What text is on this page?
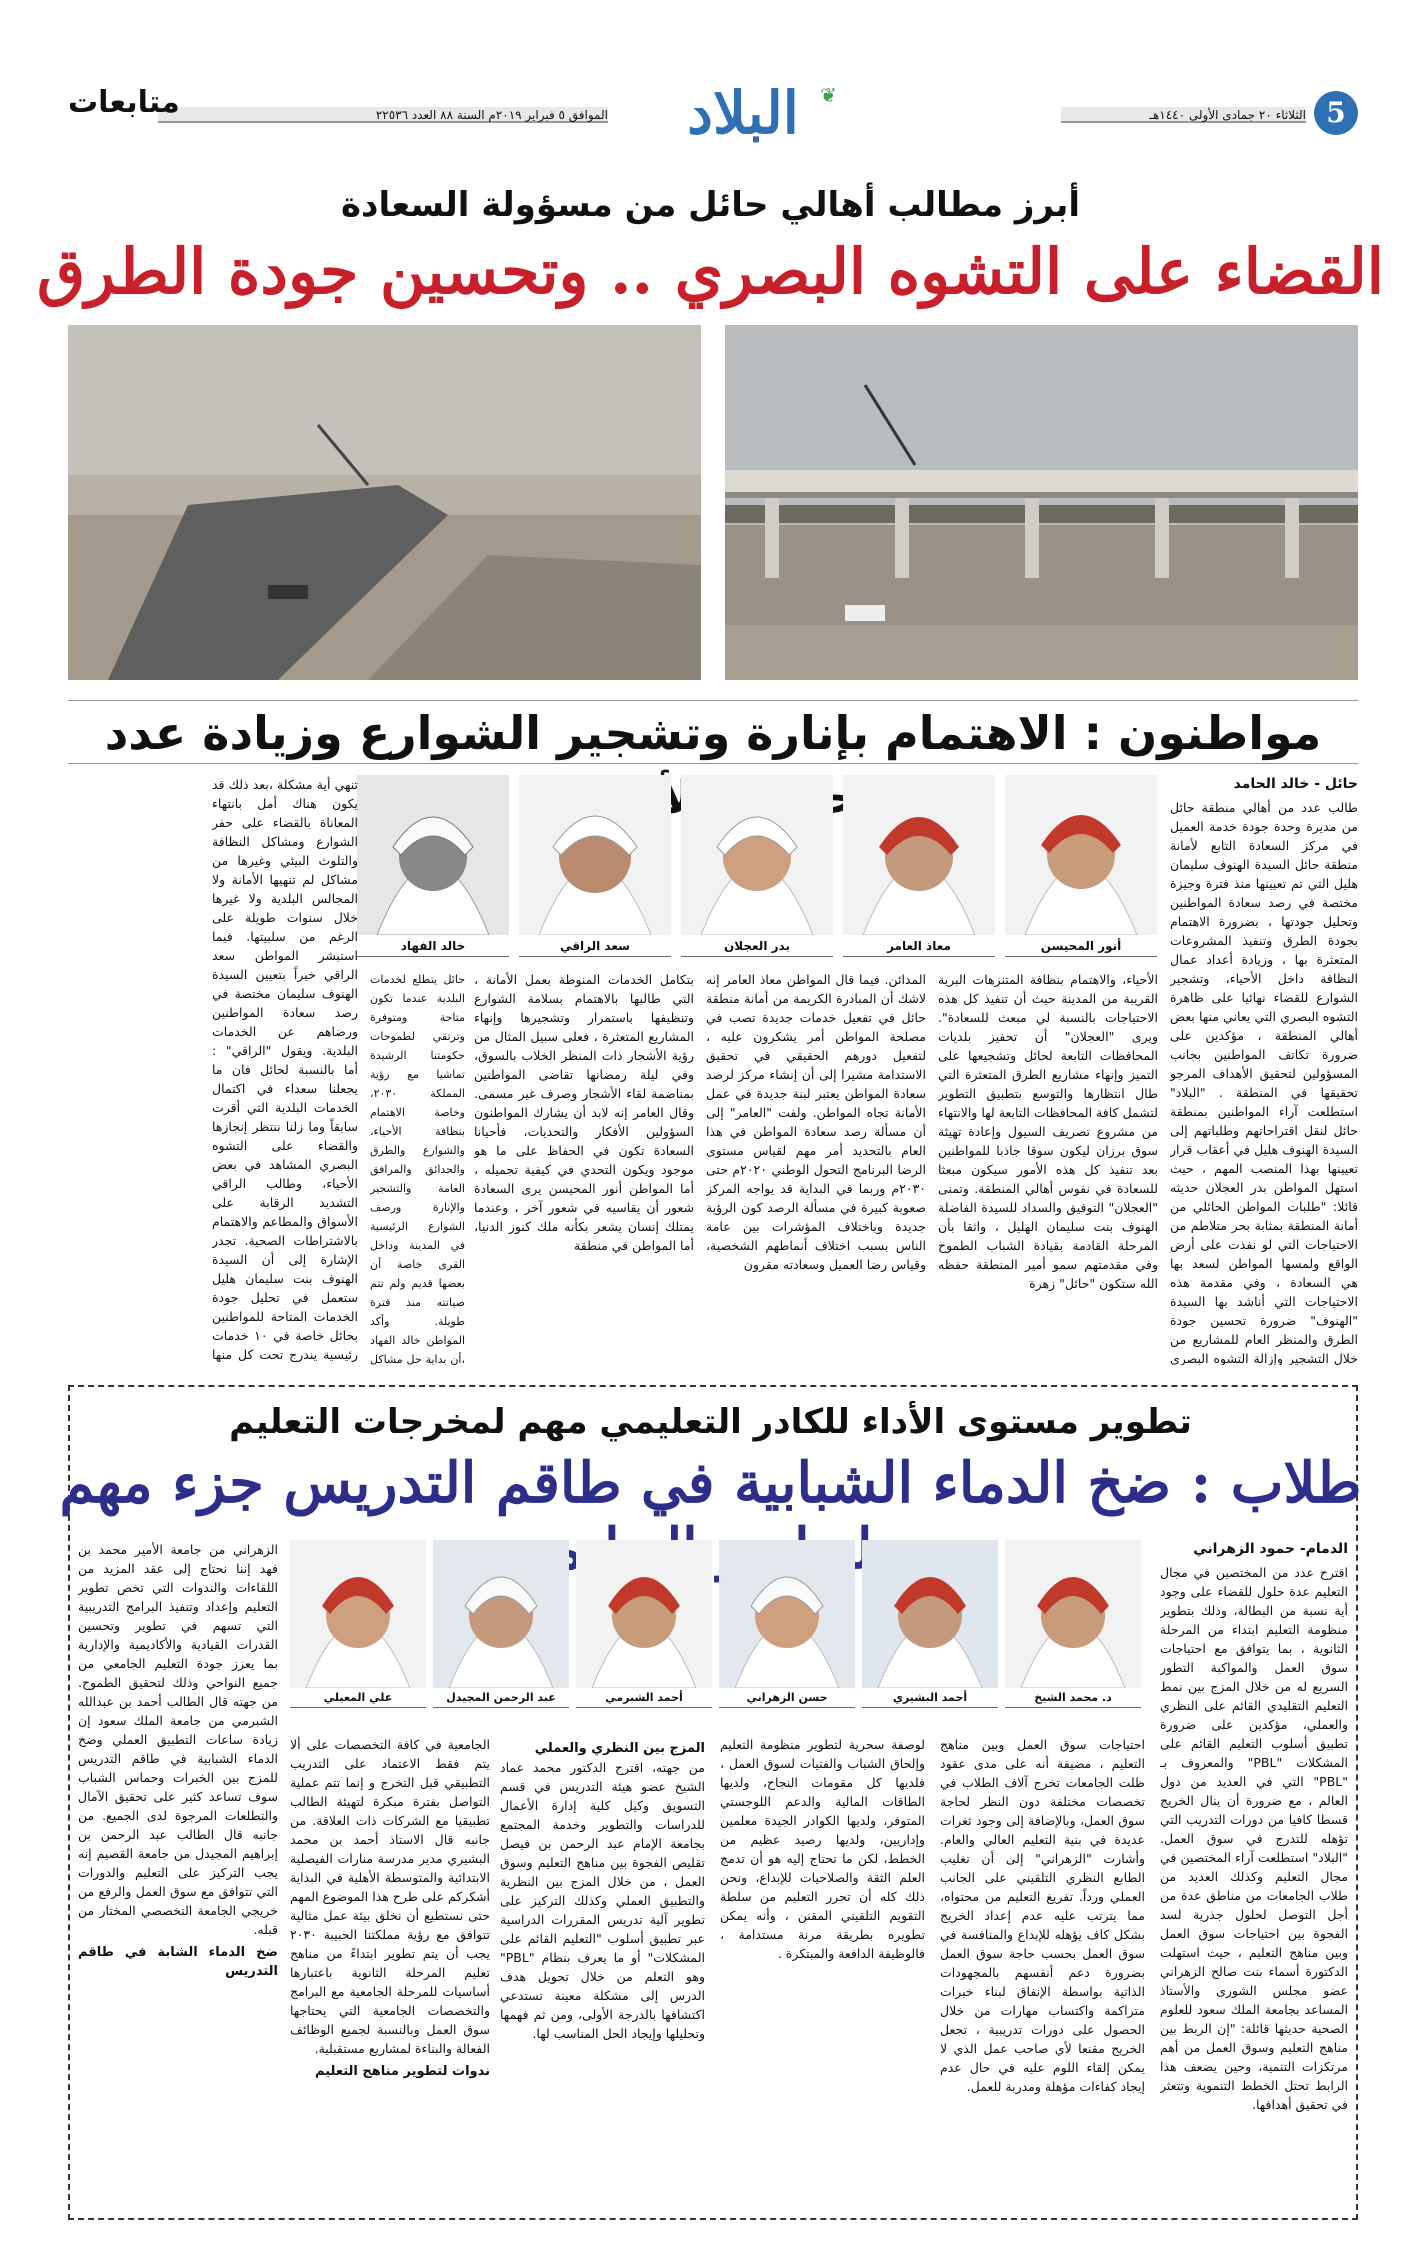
5
الثلاثاء ٢٠ جمادى الأولى ١٤٤٠هـ
البلاد	❦
الموافق ٥ فبراير ٢٠١٩م السنة ٨٨ العدد ٢٢٥٣٦
متابعات
أبرز مطالب أهالي حائل من مسؤولة السعادة
القضاء على التشوه البصري .. وتحسين جودة الطرق
مواطنون : الاهتمام بإنارة وتشجير الشوارع وزيادة عدد
حائل - خالد الحامد

طالب عدد من أهالي منطقة حائل من مديرة وحدة جودة خدمة العميل في مركز السعادة التابع لأمانة منطقة حائل السيدة الهنوف سليمان هليل التي تم تعيينها منذ فترة وجيزة مختصة في رصد سعادة المواطنين وتحليل جودتها ، بضرورة الاهتمام بجودة الطرق وتنفيذ المشروعات المتعثرة بها ، وزيادة أعداد عمال النظافة داخل الأحياء، وتشجير الشوارع للقضاء نهائيا على ظاهرة التشوه البصري التي يعاني منها بعض أهالي المنطقة ، مؤكدين على ضرورة تكاتف المواطنين بجانب المسؤولين لتحقيق الأهداف المرجو تحقيقها في المنطقة . "البلاد" استطلعت آراء المواطنين بمنطقة حائل لنقل اقتراحاتهم وطلباتهم إلى السيدة الهنوف هليل في أعقاب قرار تعيينها بهذا المنصب المهم ، حيث استهل المواطن بدر العجلان حديثه قائلا: "طلبات المواطن الحائلي من أمانة المنطقة بمثابة بحر متلاطم من الاحتياجات التي لو نفذت على أرض الواقع ولمسها المواطن لسعد بها هي السعادة ، وفي مقدمة هذه الاحتياجات التي أناشد بها السيدة "الهنوف" ضرورة تحسين جودة الطرق والمنظر العام للمشاريع من خلال التشجير وإزالة التشوه البصري

أنور المحيسن
معاذ العامر
بدر العجلان
سعد الراقي
خالد الفهاد

تنهي أية مشكلة ،بعد ذلك قد يكون هناك أمل بانتهاء المعاناة بالقضاء على حفر الشوارع ومشاكل النظافة والتلوث البيئي وغيرها من مشاكل لم تنهيها الأمانة ولا المجالس البلدية ولا غيرها خلال سنوات طويلة على الرغم من سلبيتها. فيما استبشر المواطن سعد الراقي خيراً بتعيين السيدة الهنوف سليمان مختصة في رصد سعادة المواطنين ورضاهم عن الخدمات البلدية. ويقول "الراقي" : أما بالنسبة لحائل فان ما يجعلنا سعداء في اكتمال الخدمات البلدية التي أقرت سابقاً وما زلنا ننتظر إنجازها والقضاء على التشوه البصري المشاهد في بعض الأحياء، وطالب الراقي التشديد الرقابة على الأسواق والمطاعم والاهتمام بالاشتراطات الصحية. تجدر الإشارة إلى أن السيدة الهنوف بنت سليمان هليل ستعمل في تحليل جودة الخدمات المتاحة للمواطنين بحائل خاصة في ١٠ خدمات رئيسية يندرج تحت كل منها

الأحياء، والاهتمام بنظافة المتنزهات البرية القريبة من المدينة حيث أن تنفيذ كل هذه الاحتياجات بالنسبة لي مبعث للسعادة". ويرى "العجلان" أن تحفيز بلديات المحافظات التابعة لحائل وتشجيعها على التميز وإنهاء مشاريع الطرق المتعثرة التي طال انتظارها والتوسع بتطبيق التطوير لتشمل كافة المحافظات التابعة لها والانتهاء من مشروع تصريف السيول وإعادة تهيئة سوق برزان ليكون سوقا جاذبا للمواطنين بعد تنفيذ كل هذه الأمور سيكون مبعثا للسعادة في نفوس أهالي المنطقة. وتمنى "العجلان" التوفيق والسداد للسيدة الفاضلة الهنوف بنت سليمان الهليل ، واثقا بأن المرحلة القادمة بقيادة الشباب الطموح وفي مقدمتهم سمو أمير المنطقة حفظه الله ستكون "حائل" زهرة

المدائن. فيما قال المواطن معاذ العامر إنه لاشك أن المبادرة الكريمة من أمانة منطقة حائل في تفعيل خدمات جديدة تصب في مصلحة المواطن أمر يشكرون عليه ، لتفعيل دورهم الحقيقي في تحقيق الاستدامة مشيرا إلى أن إنشاء مركز لرصد سعادة المواطن يعتبر لبنة جديدة في عمل الأمانة تجاه المواطن. ولفت "العامر" إلى أن مسألة رصد سعادة المواطن في هذا العام بالتحديد أمر مهم لقياس مستوى الرضا البرنامج التحول الوطني ٢٠٢٠م حتى ٢٠٣٠م وربما في البداية قد يواجه المركز صعوبة كبيرة في مسألة الرصد كون الرؤية جديدة وباختلاف المؤشرات بين عامة الناس بسبب اختلاف أنماطهم الشخصية، وقياس رضا العميل وسعادته مقرون

بتكامل الخدمات المنوطة بعمل الأمانة ، التي طالبها بالاهتمام بسلامة الشوارع وتنظيفها باستمرار وتشجيرها وإنهاء المشاريع المتعثرة ، فعلى سبيل المثال من رؤية الأشجار ذات المنظر الخلاب بالسوق، وفي ليلة رمضانها تقاضى المواطنين بمناضمة لقاء الأشجار وصرف غير مسمى. وقال العامر إنه لابد أن يشارك المواطنون السؤولين الأفكار والتحديات، فأحيانا السعادة تكون في الحفاظ على ما هو موجود ويكون التحدي في كيفية تجميله ، أما المواطن أنور المحيسن يرى السعادة شعور أن يقاسيه في شعور آخر ، وعندما يمتلك إنسان يشعر بكأنه ملك كنوز الدنيا، أما المواطن في منطقة

حائل يتطلع لخدمات البلدية عندما تكون متاحة ومتوفرة وترتقي لطموحات حكومتنا الرشيدة تماشيا مع رؤية المملكة ٢٠٣٠، وخاصة الاهتمام بنظافة الأحياء، والشوارع والطرق والحدائق والمرافق العامة والتشجير والإنارة ورصف الشوارع الرئيسية في المدينة وداخل القرى خاصة أن بعضها قديم ولم تتم صيانته منذ فترة طويلة. وأكد المواطن خالد الفهاد ،أن بداية حل مشاكل

تطوير مستوى الأداء للكادر التعليمي مهم لمخرجات التعليم
طلاب : ضخ الدماء الشبابية في طاقم التدريس جزء مهم
الدمام- حمود الزهراني

اقترح عدد من المختصين في مجال التعليم عدة حلول للقضاء على وجود أية نسبة من البطالة، وذلك بتطوير منظومة التعليم ابتداء من المرحلة الثانوية ، بما يتوافق مع احتياجات سوق العمل والمواكبة التطور السريع له من خلال المزج بين نمط التعليم التقليدي القائم على النظري والعملي، مؤكدين على ضرورة تطبيق أسلوب التعليم القائم على المشكلات "PBL" والمعروف بـ "PBL" التي في العديد من دول العالم ، مع ضرورة أن ينال الخريج قسطا كافيا من دورات التدريب التي تؤهله للتدرج في سوق العمل. "البلاد" استطلعت آراء المختصين في مجال التعليم وكذلك العديد من طلاب الجامعات من مناطق عدة من أجل التوصل لحلول جذرية لسد الفجوة بين احتياجات سوق العمل وبين مناهج التعليم ، حيث استهلت الدكتورة أسماء بنت صالح الزهراني عضو مجلس الشورى والأستاذ المساعد بجامعة الملك سعود للعلوم الصحية حديثها قائلة: "إن الربط بين مناهج التعليم وسوق العمل من أهم مرتكزات التنمية، وحين يضعف هذا الرابط تحتل الخطط التنموية وتتعثر في تحقيق أهدافها.

د. محمد الشيخ
أحمد البشيري
حسن الزهراني
أحمد الشبرمي
عبد الرحمن المجيدل
علي المعيلي

الزهراني من جامعة الأمير محمد بن فهد إننا نحتاج إلى عقد المزيد من اللقاءات والندوات التي تخص تطوير التعليم وإعداد وتنفيذ البرامج التدريبية التي تسهم في تطوير وتحسين القدرات القيادية والأكاديمية والإدارية بما يعزز جودة التعليم الجامعي من جميع النواحي وذلك لتحقيق الطموح. من جهته قال الطالب أحمد بن عبدالله الشبرمي من جامعة الملك سعود إن زيادة ساعات التطبيق العملي وضخ الدماء الشبابية في طاقم التدريس للمزج بين الخبرات وحماس الشباب سوف تساعد كثير على تحقيق الآمال والتطلعات المرجوة لدى الجميع. من جانبه قال الطالب عبد الرحمن بن إبراهيم المجيدل من جامعة القصيم إنه يجب التركيز على التعليم والدورات التي تتوافق مع سوق العمل والرفع من خريجي الجامعة التخصصي المختار من قبله.

ضخ الدماء الشابة في طاقم التدريس

احتياجات سوق العمل وبين مناهج التعليم ، مضيفة أنه على مدى عقود ظلت الجامعات تخرج آلاف الطلاب في تخصصات مختلفة دون النظر لحاجة سوق العمل، وبالإضافة إلى وجود ثغرات عديدة في بنية التعليم العالي والعام. وأشارت "الزهراني" إلى أن تغليب الطابع النظري التلقيني على الجانب العملي ورداً. تفريغ التعليم من محتواه، مما يترتب عليه عدم إعداد الخريج بشكل كاف يؤهله للإبداع والمنافسة في سوق العمل بحسب حاجة سوق العمل بضرورة دعم أنفسهم بالمجهودات الذاتية بواسطة الإنفاق لبناء خبرات متراكمة واكتساب مهارات من خلال الحصول على دورات تدريبية ، تجعل الخريج مقنعا لأي صاحب عمل الذي لا يمكن إلقاء اللوم عليه في حال عدم إيجاد كفاءات مؤهلة ومدربة للعمل.

لوصفة سحرية لتطوير منظومة التعليم وإلحاق الشباب والفتيات لسوق العمل ، فلديها كل مقومات النجاح، ولديها الطاقات المالية والدعم اللوجستي المتوفر، ولديها الكوادر الجيدة معلمين وإداريين، ولديها رصيد عظيم من الخطط، لكن ما تحتاج إليه هو أن تدمج العلم الثقة والصلاحيات للإبداع، ونحن ذلك كله أن تحرر التعليم من سلطة التقويم التلقيني المقنن ، وأنه يمكن تطويره بطريقة مرنة مستدامة ، فالوظيفة الدافعة والمبتكرة .

المزج بين النظري والعملي

من جهته، اقترح الدكتور محمد عماد الشيخ عضو هيئة التدريس في قسم التسويق وكيل كلية إدارة الأعمال للدراسات والتطوير وخدمة المجتمع بجامعة الإمام عبد الرحمن بن فيصل تقليص الفجوة بين مناهج التعليم وسوق العمل ، من خلال المزج بين النظرية والتطبيق العملي وكذلك التركيز على تطوير آلية تدريس المقررات الدراسية عبر تطبيق أسلوب "التعليم القائم على المشكلات" أو ما يعرف بنظام "PBL" وهو التعلم من خلال تحويل هدف الدرس إلى مشكلة معينة تستدعي اكتشافها بالدرجة الأولى، ومن ثم فهمها وتحليلها وإيجاد الحل المناسب لها.

الجامعية في كافة التخصصات على ألا يتم فقط الاعتماد على التدريب التطبيقي قبل التخرج و إنما تتم عملية التواصل بفترة مبكرة لتهيئة الطالب تطبيقيا مع الشركات ذات العلاقة. من جانبه قال الاستاذ أحمد بن محمد البشيري مدير مدرسة منارات الفيصلية الابتدائية والمتوسطة الأهلية في البداية أشكركم على طرح هذا الموضوع المهم حتى نستطيع أن نخلق بيئة عمل مثالية تتوافق مع رؤية مملكتنا الحبيبة ٢٠٣٠ يجب أن يتم تطوير ابتداءً من مناهج تعليم المرحلة الثانوية باعتبارها أساسيات للمرحلة الجامعية مع البرامج والتخصصات الجامعية التي يحتاجها سوق العمل وبالنسبة لجميع الوظائف الفعالة والبناءة لمشاريع مستقبلية.

ندوات لتطوير مناهج التعليم
